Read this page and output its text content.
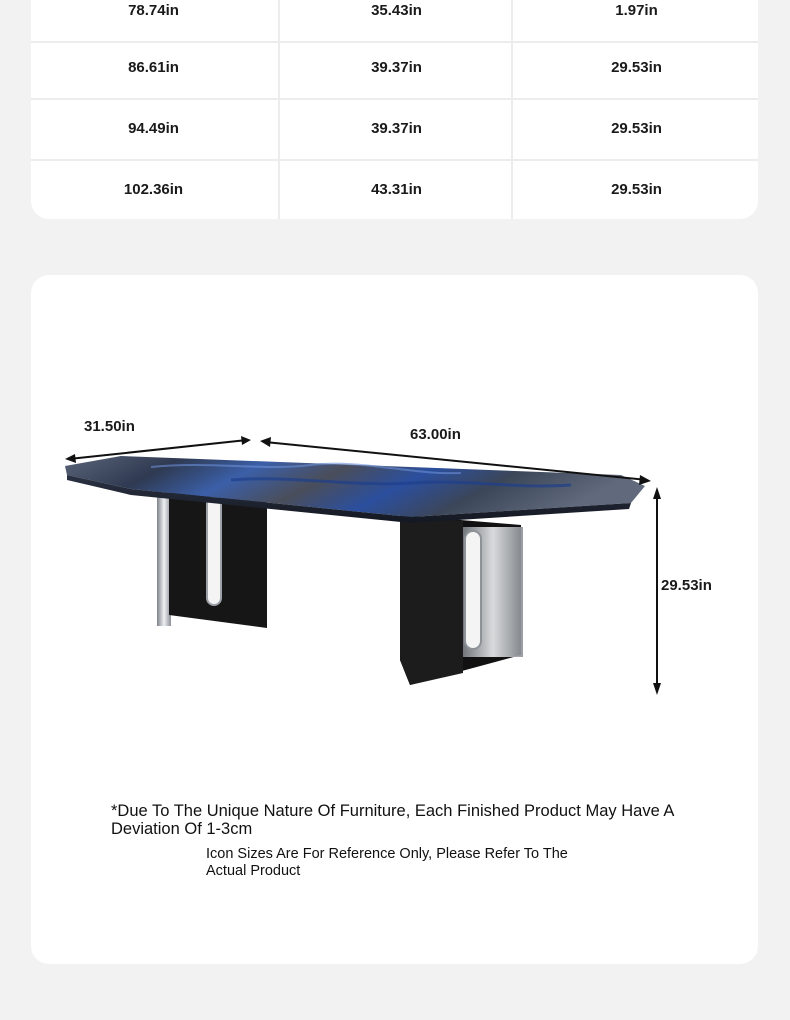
78.74in	35.43in	1.97in
86.61in	39.37in	29.53in
94.49in	39.37in	29.53in
102.36in	43.31in	29.53in
31.50in	63.00in
29.53in
*Due To The Unique Nature Of Furniture, Each Finished Product May Have A Deviation Of 1-3cm
Icon Sizes Are For Reference Only, Please Refer To The Actual Product
